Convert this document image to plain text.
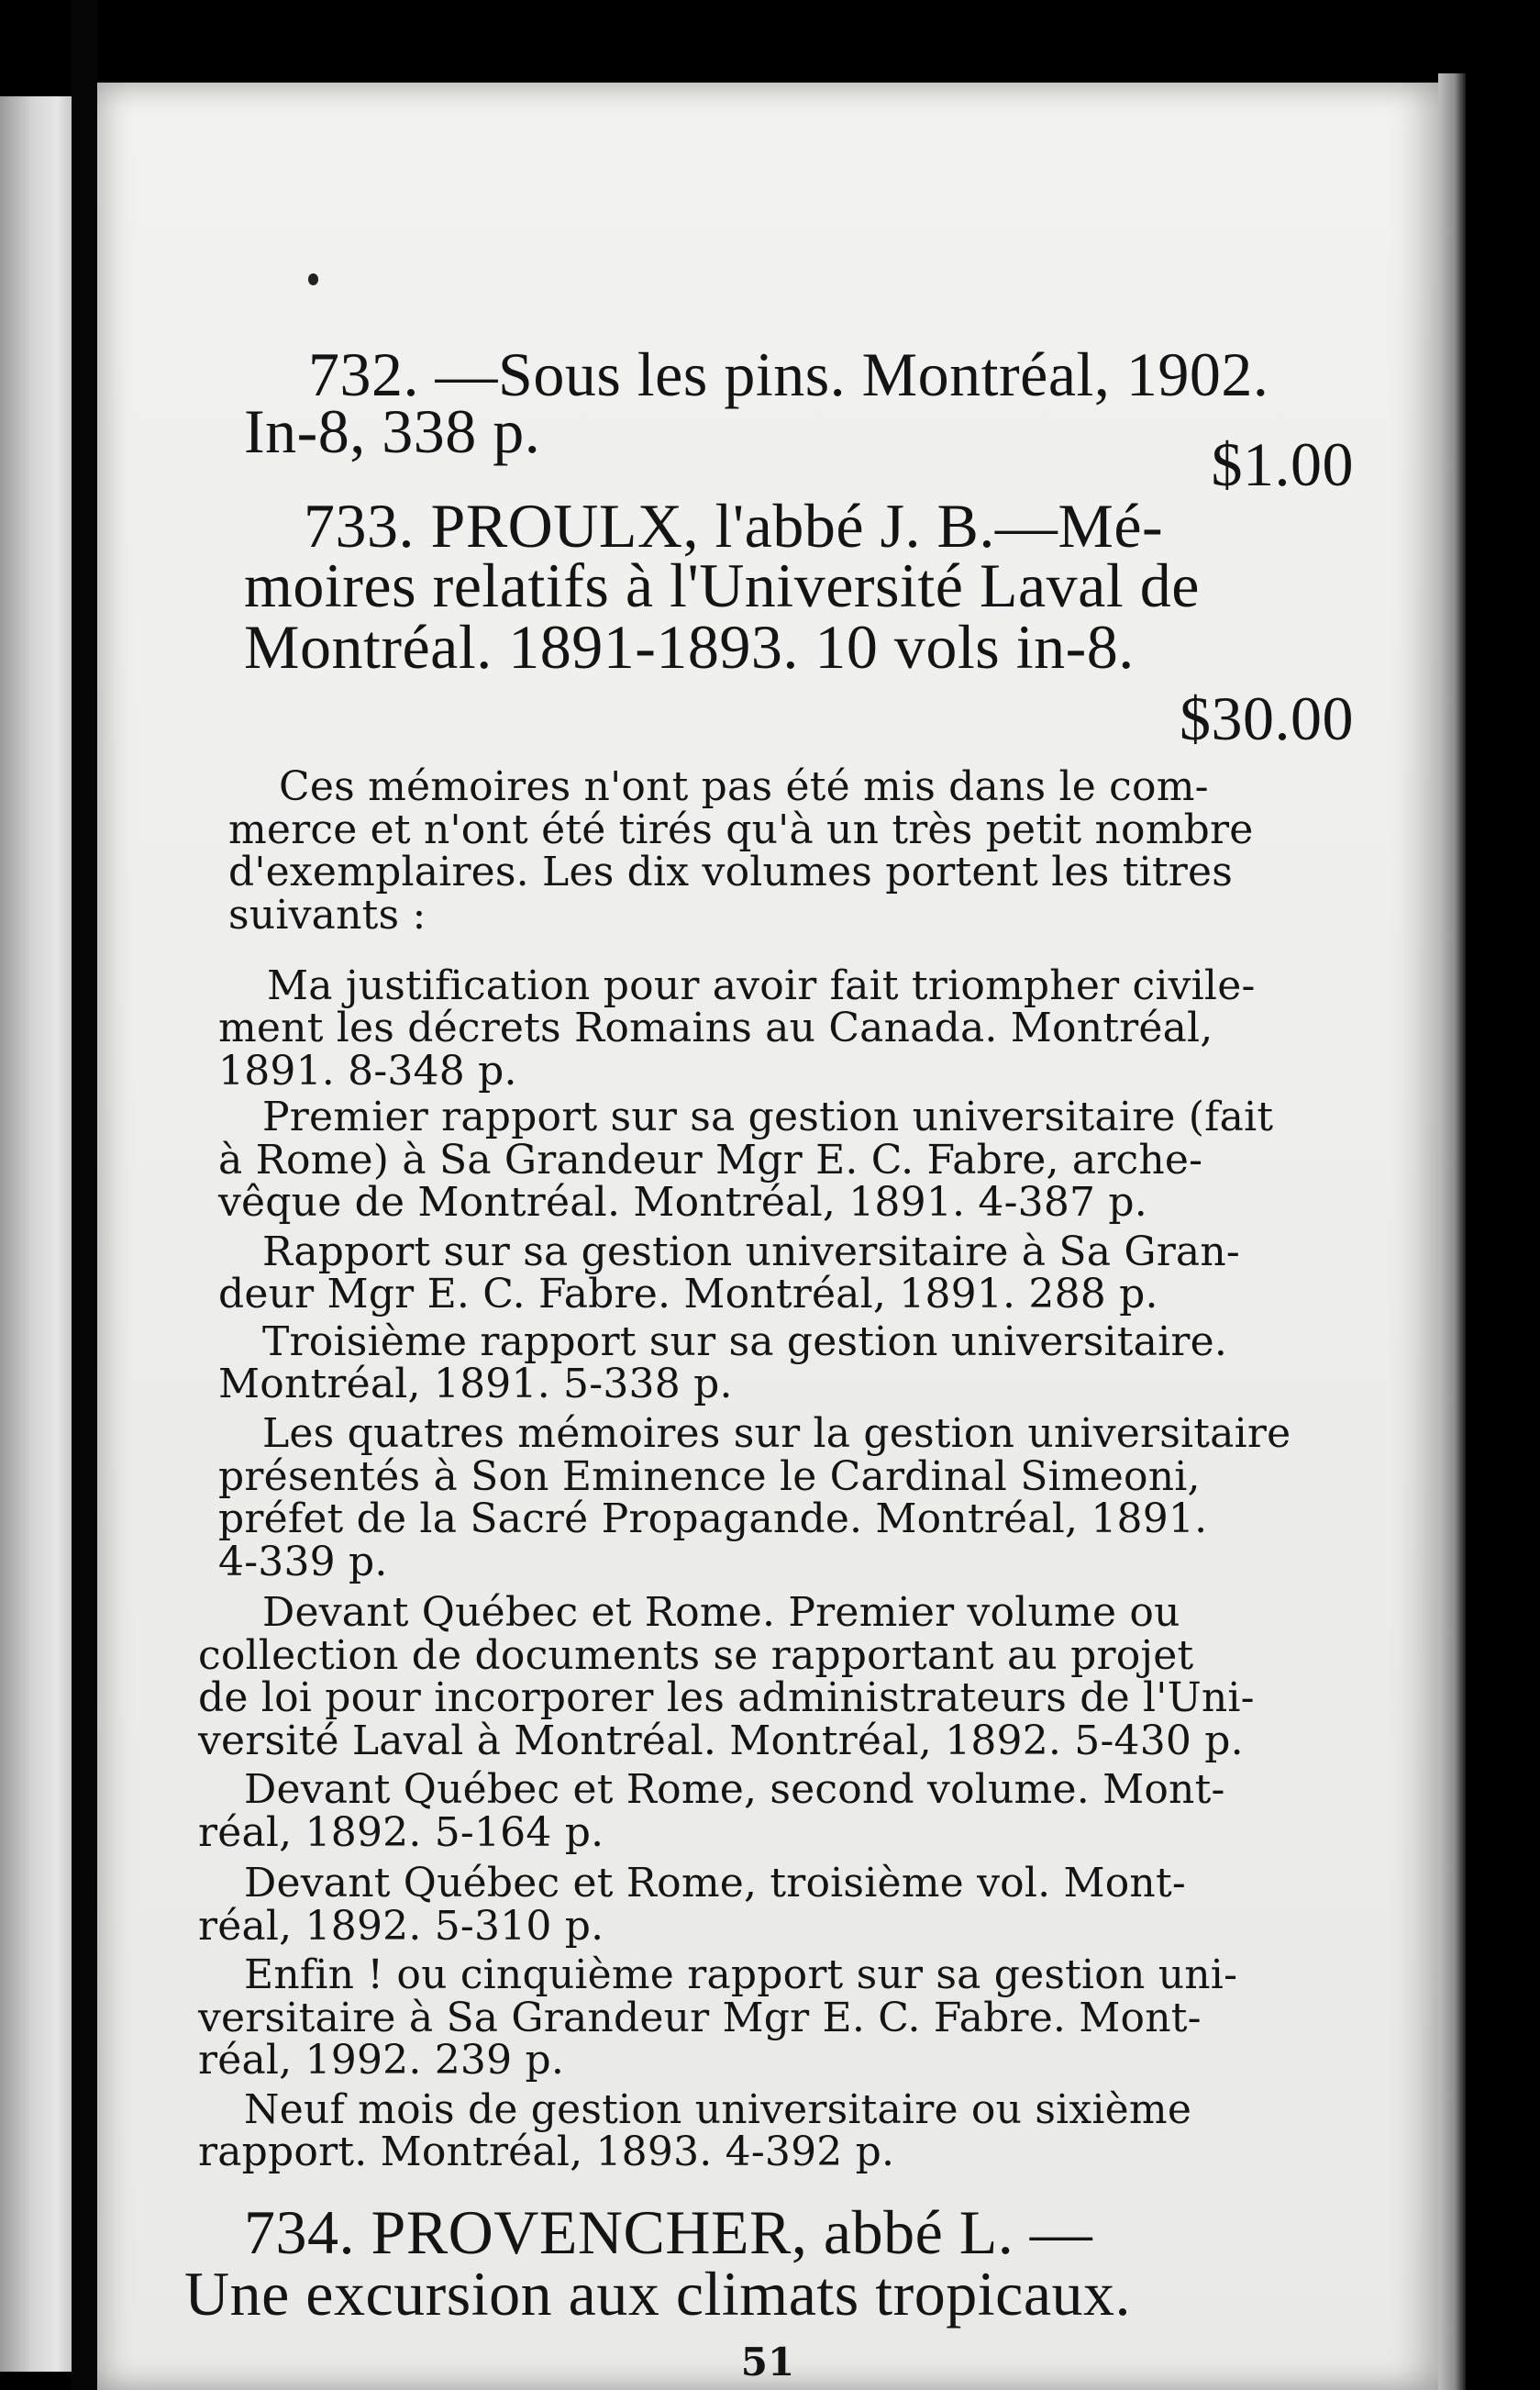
732. —Sous les pins. Montréal, 1902.
In-8, 338 p.	$1.00
733. PROULX, l'abbé J. B.—Mé-
moires relatifs à l'Université Laval de
Montréal. 1891-1893. 10 vols in-8.
$30.00
Ces mémoires n'ont pas été mis dans le com-
merce et n'ont été tirés qu'à un très petit nombre
d'exemplaires. Les dix volumes portent les titres
suivants :
Ma justification pour avoir fait triompher civile-
ment les décrets Romains au Canada. Montréal,
1891. 8-348 p.
Premier rapport sur sa gestion universitaire (fait
à Rome) à Sa Grandeur Mgr E. C. Fabre, arche-
vêque de Montréal. Montréal, 1891. 4-387 p.
Rapport sur sa gestion universitaire à Sa Gran-
deur Mgr E. C. Fabre. Montréal, 1891. 288 p.
Troisième rapport sur sa gestion universitaire.
Montréal, 1891. 5-338 p.
Les quatres mémoires sur la gestion universitaire
présentés à Son Eminence le Cardinal Simeoni,
préfet de la Sacré Propagande. Montréal, 1891.
4-339 p.
Devant Québec et Rome. Premier volume ou
collection de documents se rapportant au projet
de loi pour incorporer les administrateurs de l'Uni-
versité Laval à Montréal. Montréal, 1892. 5-430 p.
Devant Québec et Rome, second volume. Mont-
réal, 1892. 5-164 p.
Devant Québec et Rome, troisième vol. Mont-
réal, 1892. 5-310 p.
Enfin ! ou cinquième rapport sur sa gestion uni-
versitaire à Sa Grandeur Mgr E. C. Fabre. Mont-
réal, 1992. 239 p.
Neuf mois de gestion universitaire ou sixième
rapport. Montréal, 1893. 4-392 p.
734. PROVENCHER, abbé L. —
Une excursion aux climats tropicaux.
51
